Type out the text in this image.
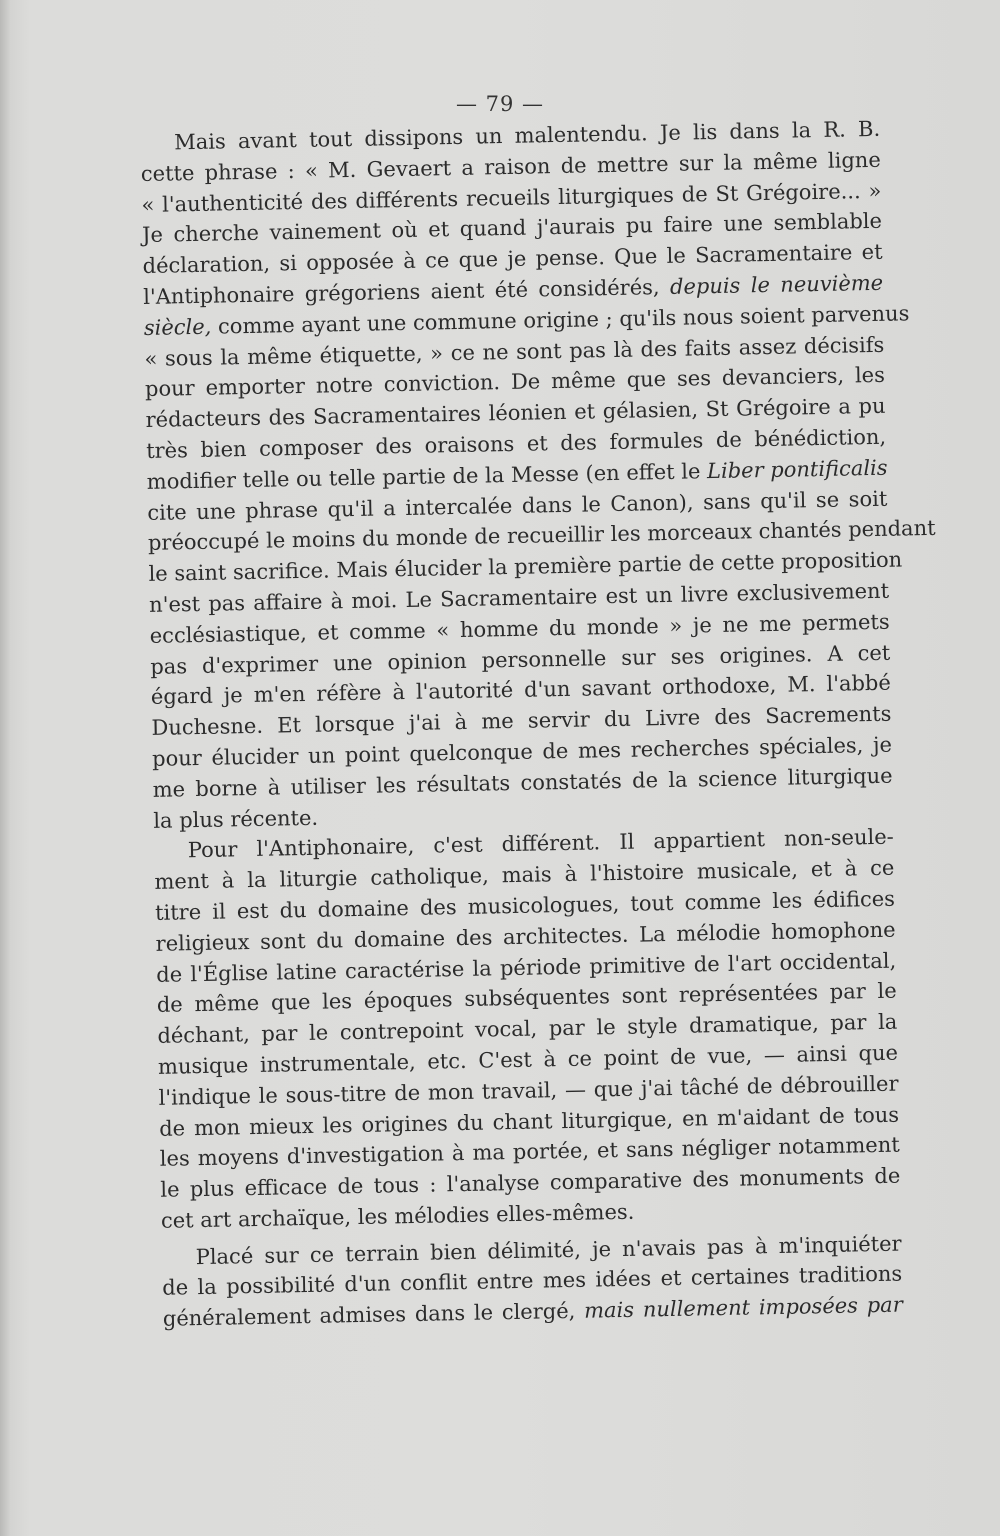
— 79 —
Mais avant tout dissipons un malentendu. Je lis dans la R. B.
cette phrase : « M. Gevaert a raison de mettre sur la même ligne
« l'authenticité des différents recueils liturgiques de St Grégoire... »
Je cherche vainement où et quand j'aurais pu faire une semblable
déclaration, si opposée à ce que je pense. Que le Sacramentaire et
l'Antiphonaire grégoriens aient été considérés, depuis le neuvième
siècle, comme ayant une commune origine ; qu'ils nous soient parvenus
« sous la même étiquette, » ce ne sont pas là des faits assez décisifs
pour emporter notre conviction. De même que ses devanciers, les
rédacteurs des Sacramentaires léonien et gélasien, St Grégoire a pu
très bien composer des oraisons et des formules de bénédiction,
modifier telle ou telle partie de la Messe (en effet le Liber pontificalis
cite une phrase qu'il a intercalée dans le Canon), sans qu'il se soit
préoccupé le moins du monde de recueillir les morceaux chantés pendant
le saint sacrifice. Mais élucider la première partie de cette proposition
n'est pas affaire à moi. Le Sacramentaire est un livre exclusivement
ecclésiastique, et comme « homme du monde » je ne me permets
pas d'exprimer une opinion personnelle sur ses origines. A cet
égard je m'en réfère à l'autorité d'un savant orthodoxe, M. l'abbé
Duchesne. Et lorsque j'ai à me servir du Livre des Sacrements
pour élucider un point quelconque de mes recherches spéciales, je
me borne à utiliser les résultats constatés de la science liturgique
la plus récente.
Pour l'Antiphonaire, c'est différent. Il appartient non-seule-
ment à la liturgie catholique, mais à l'histoire musicale, et à ce
titre il est du domaine des musicologues, tout comme les édifices
religieux sont du domaine des architectes. La mélodie homophone
de l'Église latine caractérise la période primitive de l'art occidental,
de même que les époques subséquentes sont représentées par le
déchant, par le contrepoint vocal, par le style dramatique, par la
musique instrumentale, etc. C'est à ce point de vue, — ainsi que
l'indique le sous-titre de mon travail, — que j'ai tâché de débrouiller
de mon mieux les origines du chant liturgique, en m'aidant de tous
les moyens d'investigation à ma portée, et sans négliger notamment
le plus efficace de tous : l'analyse comparative des monuments de
cet art archaïque, les mélodies elles-mêmes.
Placé sur ce terrain bien délimité, je n'avais pas à m'inquiéter
de la possibilité d'un conflit entre mes idées et certaines traditions
généralement admises dans le clergé, mais nullement imposées par
